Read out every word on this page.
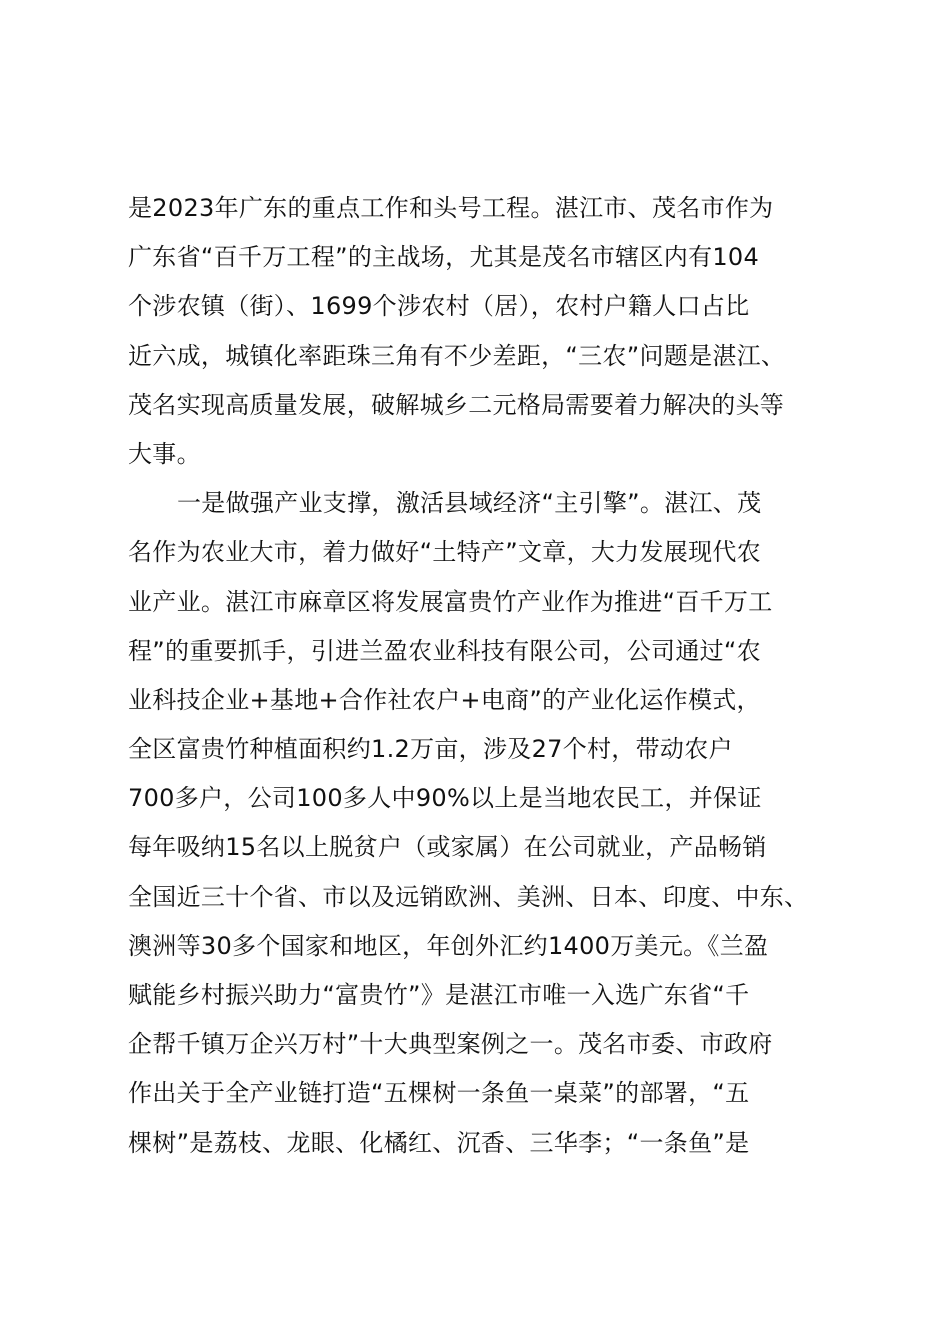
是2023年广东的重点工作和头号工程。湛江市、茂名市作为
广东省“百千万工程”的主战场，尤其是茂名市辖区内有104
个涉农镇（街）、1699个涉农村（居），农村户籍人口占比
近六成，城镇化率距珠三角有不少差距，“三农”问题是湛江、
茂名实现高质量发展，破解城乡二元格局需要着力解决的头等
大事。
一是做强产业支撑，激活县域经济“主引擎”。湛江、茂
名作为农业大市，着力做好“土特产”文章，大力发展现代农
业产业。湛江市麻章区将发展富贵竹产业作为推进“百千万工
程”的重要抓手，引进兰盈农业科技有限公司，公司通过“农
业科技企业+基地+合作社农户+电商”的产业化运作模式，
全区富贵竹种植面积约1.2万亩，涉及27个村，带动农户
700多户，公司100多人中90%以上是当地农民工，并保证
每年吸纳15名以上脱贫户（或家属）在公司就业，产品畅销
全国近三十个省、市以及远销欧洲、美洲、日本、印度、中东、
澳洲等30多个国家和地区，年创外汇约1400万美元。《兰盈
赋能乡村振兴助力“富贵竹”》是湛江市唯一入选广东省“千
企帮千镇万企兴万村”十大典型案例之一。茂名市委、市政府
作出关于全产业链打造“五棵树一条鱼一桌菜”的部署，“五
棵树”是荔枝、龙眼、化橘红、沉香、三华李；“一条鱼”是
